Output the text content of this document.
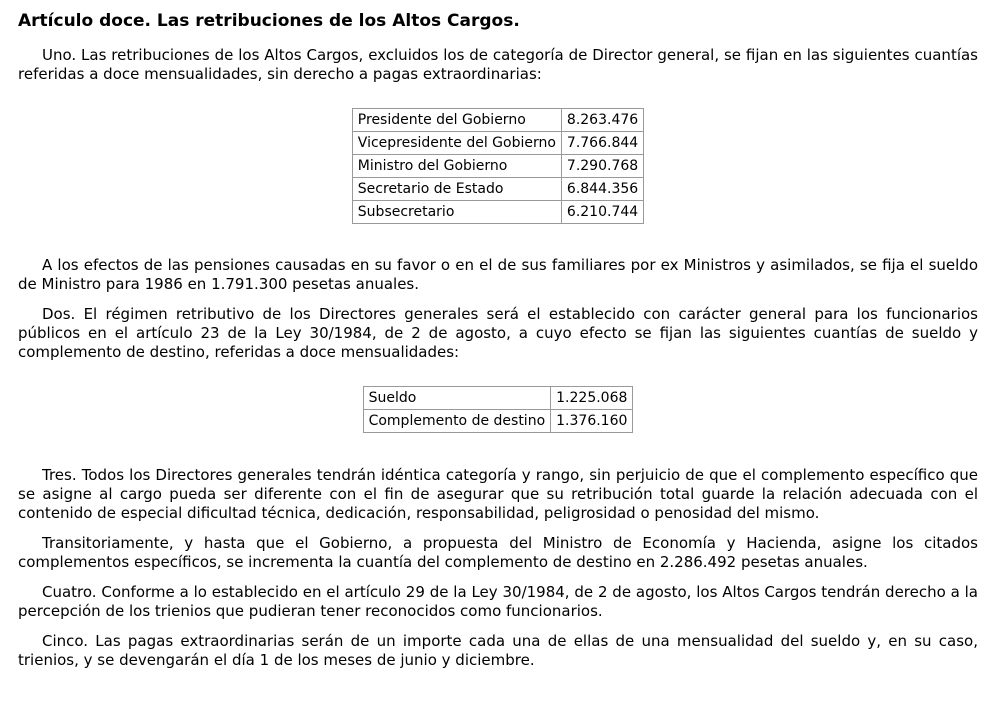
Artículo doce. Las retribuciones de los Altos Cargos.

Uno. Las retribuciones de los Altos Cargos, excluidos los de categoría de Director general, se fijan en las siguientes cuantías referidas a doce mensualidades, sin derecho a pagas extraordinarias:

Presidente del Gobierno	8.263.476
Vicepresidente del Gobierno	7.766.844
Ministro del Gobierno	7.290.768
Secretario de Estado	6.844.356
Subsecretario	6.210.744

A los efectos de las pensiones causadas en su favor o en el de sus familiares por ex Ministros y asimilados, se fija el sueldo de Ministro para 1986 en 1.791.300 pesetas anuales.

Dos. El régimen retributivo de los Directores generales será el establecido con carácter general para los funcionarios públicos en el artículo 23 de la Ley 30/1984, de 2 de agosto, a cuyo efecto se fijan las siguientes cuantías de sueldo y complemento de destino, referidas a doce mensualidades:

Sueldo	1.225.068
Complemento de destino	1.376.160

Tres. Todos los Directores generales tendrán idéntica categoría y rango, sin perjuicio de que el complemento específico que se asigne al cargo pueda ser diferente con el fin de asegurar que su retribución total guarde la relación adecuada con el contenido de especial dificultad técnica, dedicación, responsabilidad, peligrosidad o penosidad del mismo.

Transitoriamente, y hasta que el Gobierno, a propuesta del Ministro de Economía y Hacienda, asigne los citados complementos específicos, se incrementa la cuantía del complemento de destino en 2.286.492 pesetas anuales.

Cuatro. Conforme a lo establecido en el artículo 29 de la Ley 30/1984, de 2 de agosto, los Altos Cargos tendrán derecho a la percepción de los trienios que pudieran tener reconocidos como funcionarios.

Cinco. Las pagas extraordinarias serán de un importe cada una de ellas de una mensualidad del sueldo y, en su caso, trienios, y se devengarán el día 1 de los meses de junio y diciembre.
